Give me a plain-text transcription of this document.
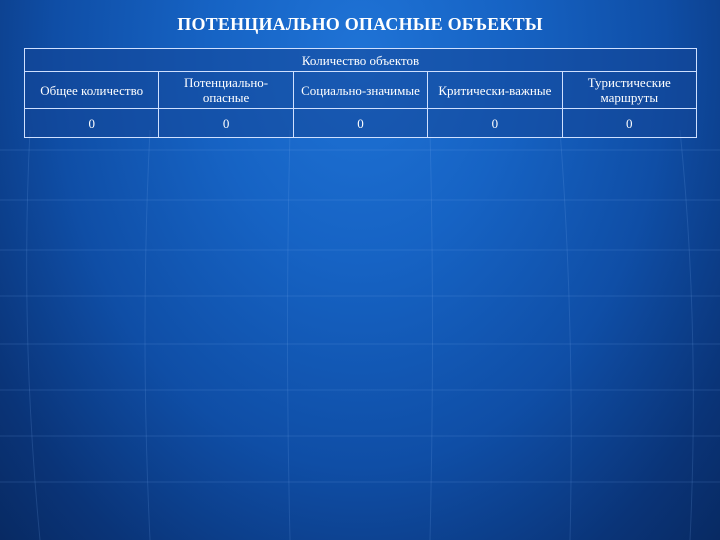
ПОТЕНЦИАЛЬНО ОПАСНЫЕ ОБЪЕКТЫ
Количество объектов				
Общее количество	Потенциально-опасные	Социально-значимые	Критически-важные	Туристические маршруты
0	0	0	0	0
